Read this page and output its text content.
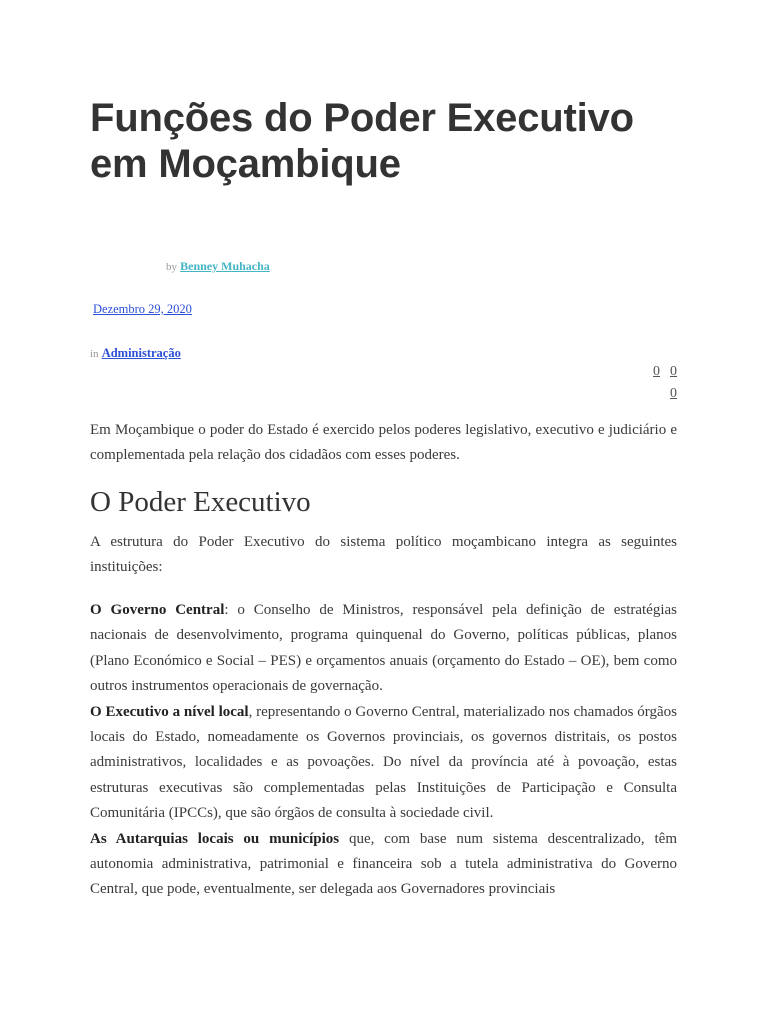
Funções do Poder Executivo em Moçambique
by Benney Muhacha
Dezembro 29, 2020
in Administração
0 0
0

Em Moçambique o poder do Estado é exercido pelos poderes legislativo, executivo e judiciário e complementada pela relação dos cidadãos com esses poderes.

O Poder Executivo

A estrutura do Poder Executivo do sistema político moçambicano integra as seguintes instituições:

O Governo Central: o Conselho de Ministros, responsável pela definição de estratégias nacionais de desenvolvimento, programa quinquenal do Governo, políticas públicas, planos (Plano Económico e Social – PES) e orçamentos anuais (orçamento do Estado – OE), bem como outros instrumentos operacionais de governação.

O Executivo a nível local, representando o Governo Central, materializado nos chamados órgãos locais do Estado, nomeadamente os Governos provinciais, os governos distritais, os postos administrativos, localidades e as povoações. Do nível da província até à povoação, estas estruturas executivas são complementadas pelas Instituições de Participação e Consulta Comunitária (IPCCs), que são órgãos de consulta à sociedade civil.

As Autarquias locais ou municípios que, com base num sistema descentralizado, têm autonomia administrativa, patrimonial e financeira sob a tutela administrativa do Governo Central, que pode, eventualmente, ser delegada aos Governadores provinciais
